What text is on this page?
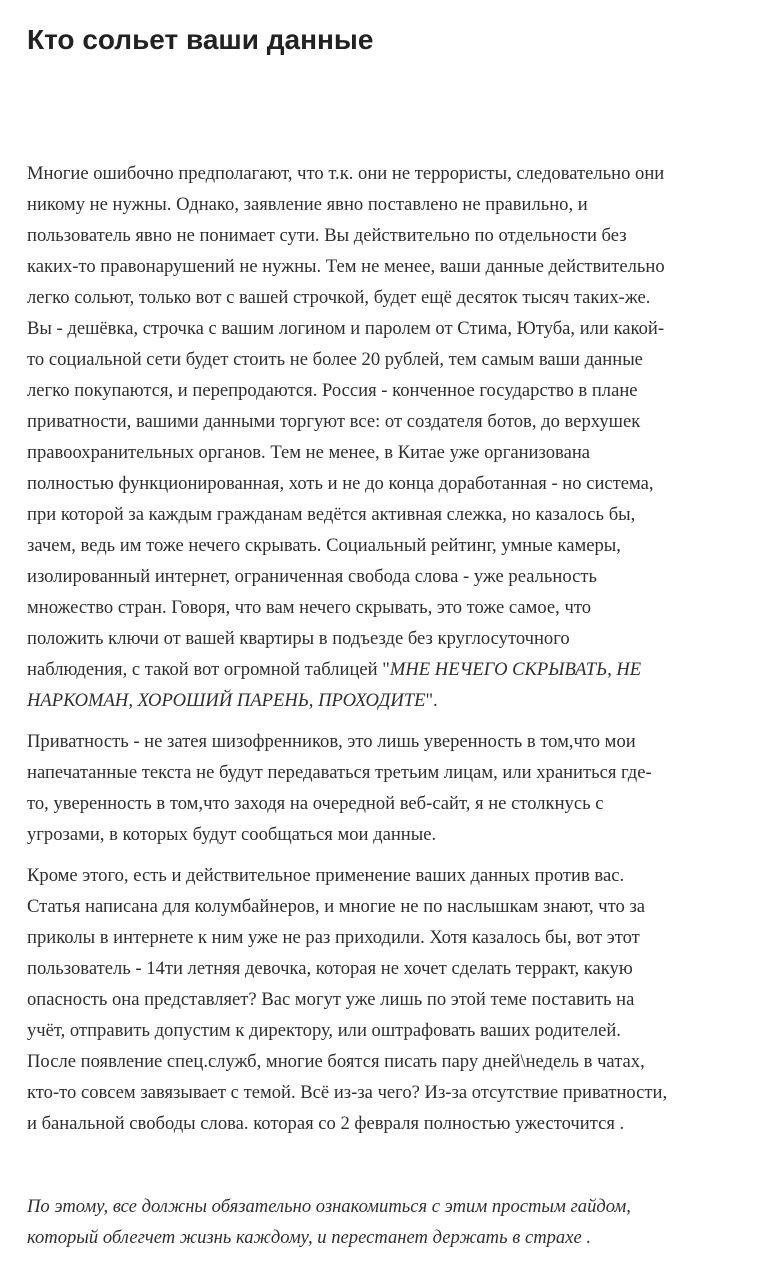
Кто сольет ваши данные

Многие ошибочно предполагают, что т.к. они не террористы, следовательно они
никому не нужны. Однако, заявление явно поставлено не правильно, и
пользователь явно не понимает сути. Вы действительно по отдельности без
каких-то правонарушений не нужны. Тем не менее, ваши данные действительно
легко сольют, только вот с вашей строчкой, будет ещё десяток тысяч таких-же.
Вы - дешёвка, строчка с вашим логином и паролем от Стима, Ютуба, или какой-
то социальной сети будет стоить не более 20 рублей, тем самым ваши данные
легко покупаются, и перепродаются. Россия - конченное государство в плане
приватности, вашими данными торгуют все: от создателя ботов, до верхушек
правоохранительных органов. Тем не менее, в Китае уже организована
полностью функционированная, хоть и не до конца доработанная - но система,
при которой за каждым гражданам ведётся активная слежка, но казалось бы,
зачем, ведь им тоже нечего скрывать. Социальный рейтинг, умные камеры,
изолированный интернет, ограниченная свобода слова - уже реальность
множество стран. Говоря, что вам нечего скрывать, это тоже самое, что
положить ключи от вашей квартиры в подъезде без круглосуточного
наблюдения, с такой вот огромной таблицей "МНЕ НЕЧЕГО СКРЫВАТЬ, НЕ
НАРКОМАН, ХОРОШИЙ ПАРЕНЬ, ПРОХОДИТЕ".

Приватность - не затея шизофренников, это лишь уверенность в том,что мои
напечатанные текста не будут передаваться третьим лицам, или храниться где-
то, уверенность в том,что заходя на очередной веб-сайт, я не столкнусь с
угрозами, в которых будут сообщаться мои данные.

Кроме этого, есть и действительное применение ваших данных против вас.
Статья написана для колумбайнеров, и многие не по наслышкам знают, что за
приколы в интернете к ним уже не раз приходили. Хотя казалось бы, вот этот
пользователь - 14ти летняя девочка, которая не хочет сделать терракт, какую
опасность она представляет? Вас могут уже лишь по этой теме поставить на
учёт, отправить допустим к директору, или оштрафовать ваших родителей.
После появление спец.служб, многие боятся писать пару дней\недель в чатах,
кто-то совсем завязывает с темой. Всё из-за чего? Из-за отсутствие приватности,
и банальной свободы слова. которая со 2 февраля полностью ужесточится .

По этому, все должны обязательно ознакомиться с этим простым гайдом,
который облегчет жизнь каждому, и перестанет держать в страхе .
